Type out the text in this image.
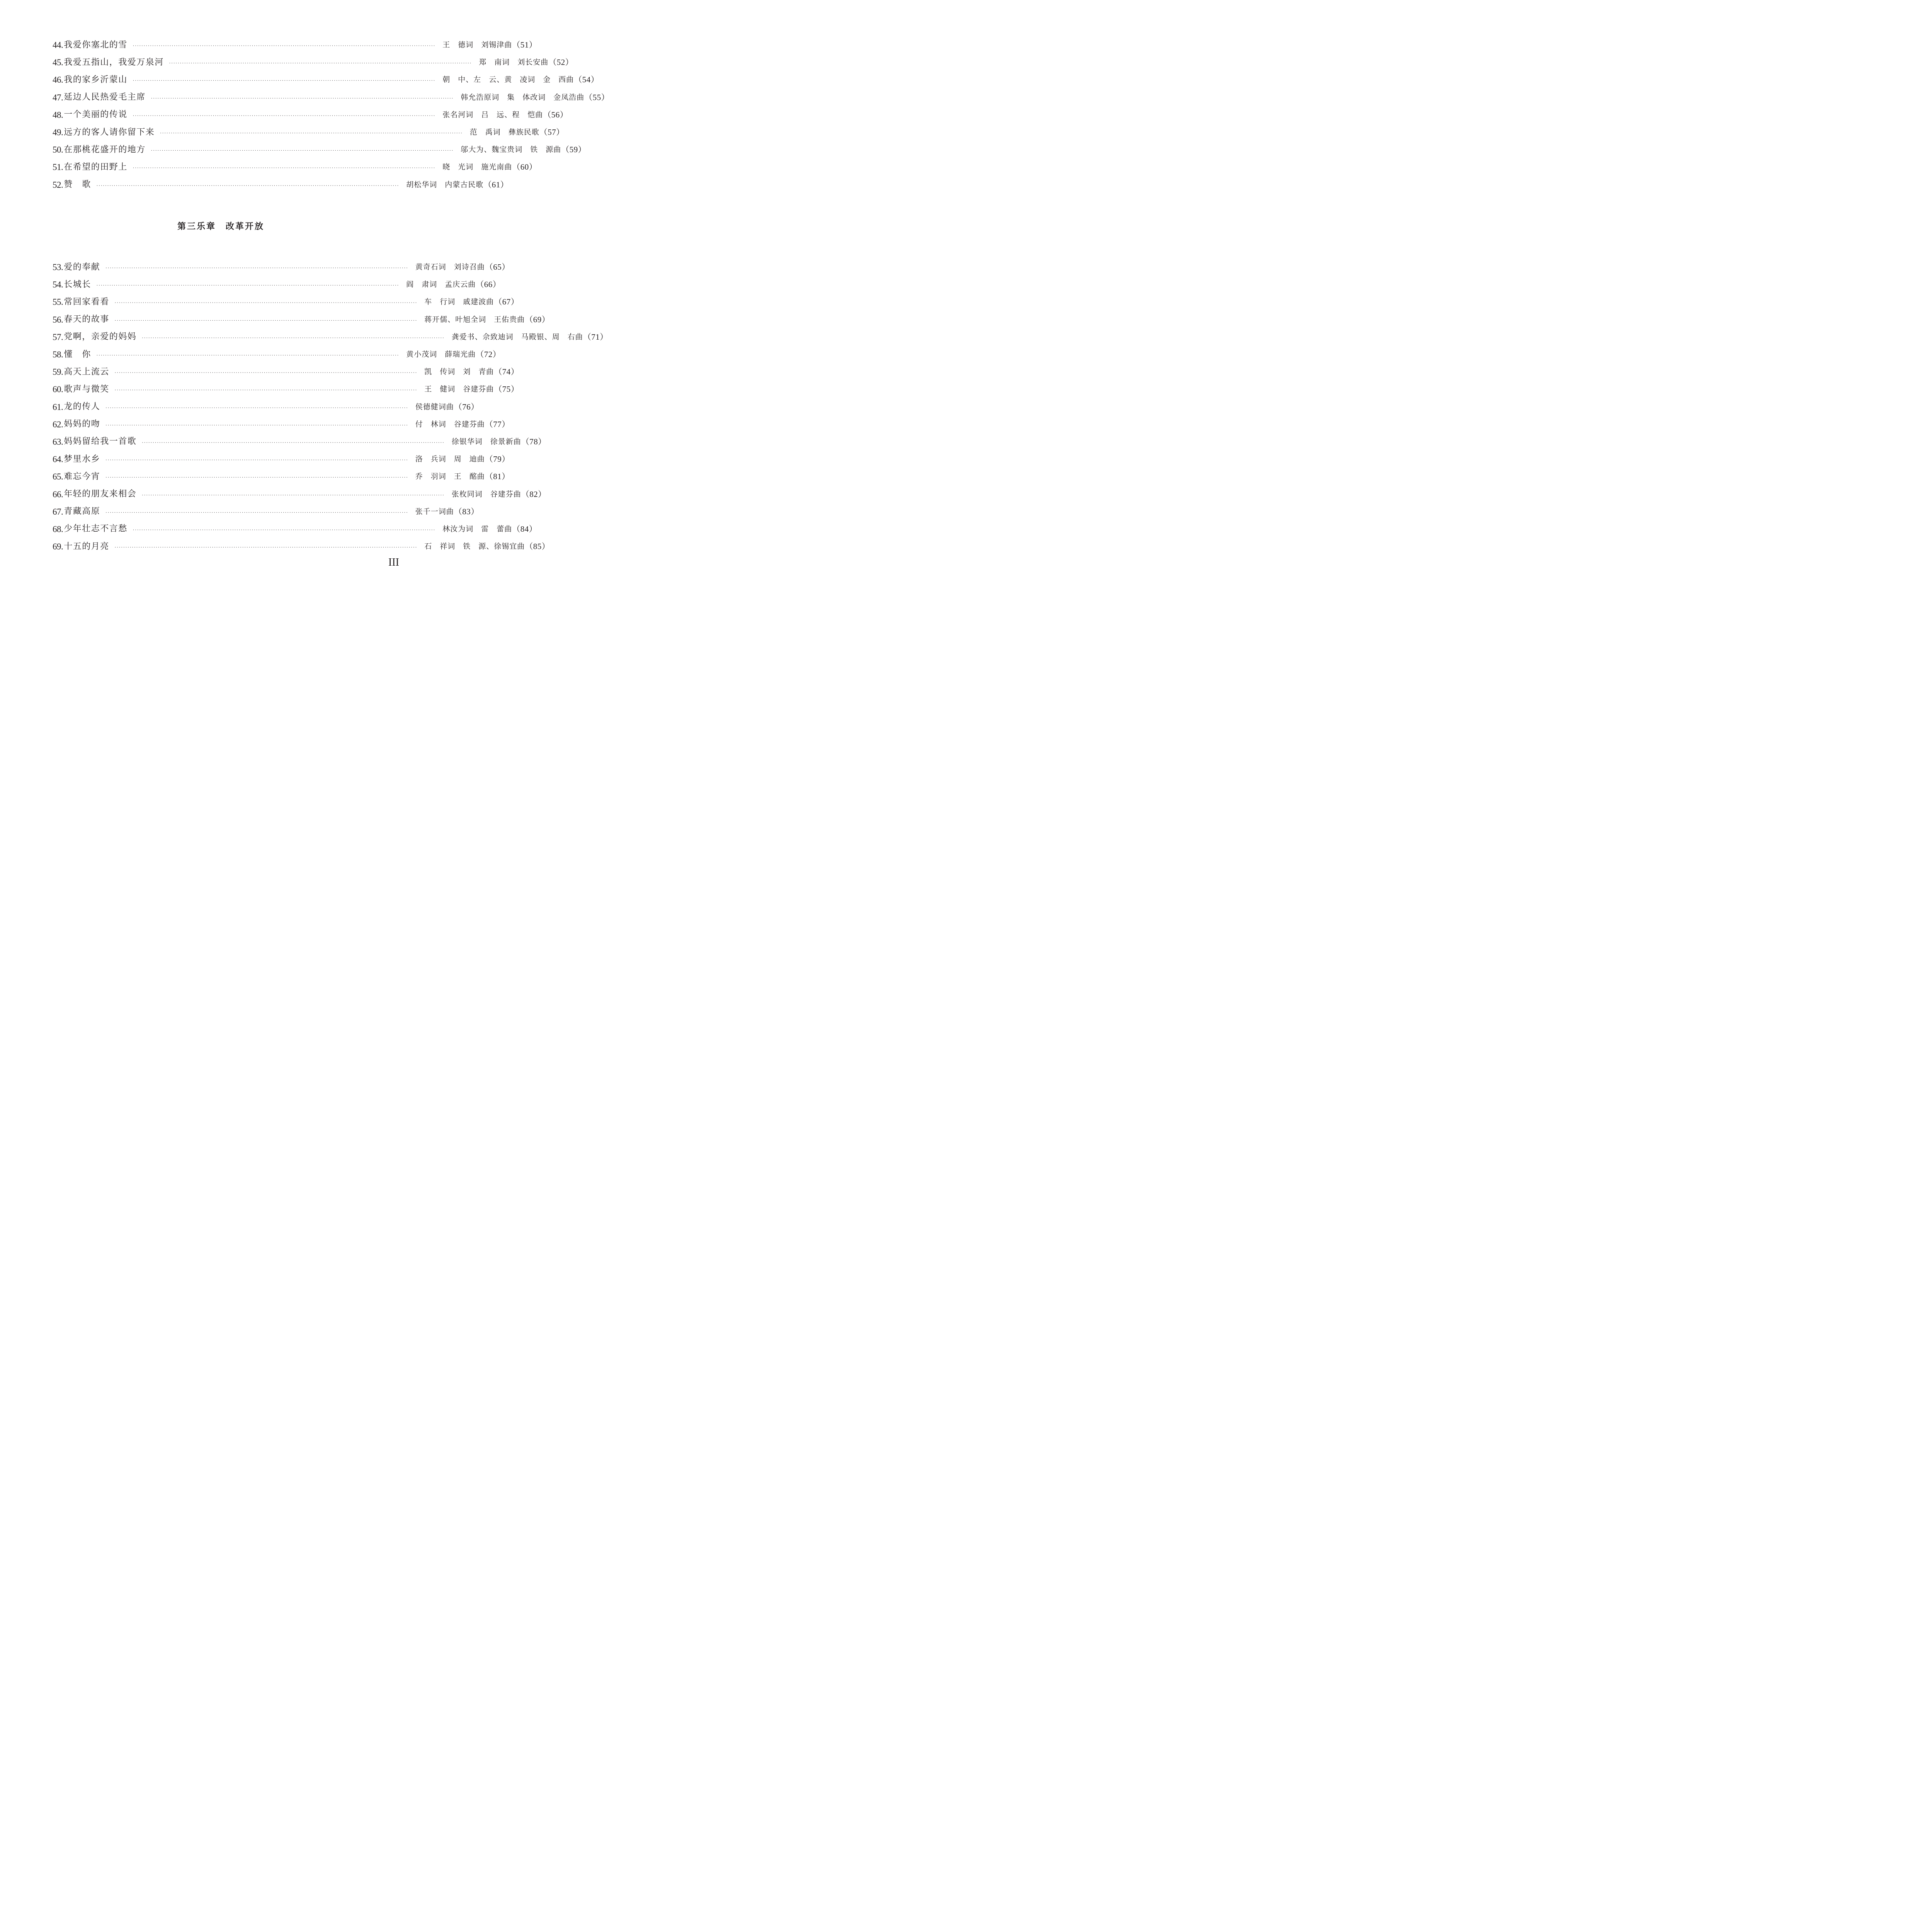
44. 我爱你塞北的雪 ············································································································································ 王　德词　刘锡津曲 （51）
45. 我爱五指山，我爱万泉河 ············································································································································ 郑　南词　刘长安曲 （52）
46. 我的家乡沂蒙山 ············································································································································ 朝　中、左　云、黄　凌词　金　西曲 （54）
47. 延边人民热爱毛主席 ············································································································································ 韩允浩原词　集　体改词　金凤浩曲 （55）
48. 一个美丽的传说 ············································································································································ 张名河词　吕　远、程　恺曲 （56）
49. 远方的客人请你留下来 ············································································································································ 范　禹词　彝族民歌 （57）
50. 在那桃花盛开的地方 ············································································································································ 邬大为、魏宝贵词　铁　源曲 （59）
51. 在希望的田野上 ············································································································································ 晓　光词　施光南曲 （60）
52. 赞　歌 ············································································································································ 胡松华词　内蒙古民歌 （61）
第三乐章　改革开放
53. 爱的奉献 ············································································································································ 黄奇石词　刘诗召曲 （65）
54. 长城长 ············································································································································ 阎　肃词　孟庆云曲 （66）
55. 常回家看看 ············································································································································ 车　行词　戚建波曲 （67）
56. 春天的故事 ············································································································································ 蒋开儒、叶旭全词　王佑贵曲 （69）
57. 党啊，亲爱的妈妈 ············································································································································ 龚爱书、佘致迪词　马殿银、周　右曲 （71）
58. 懂　你 ············································································································································ 黄小茂词　薛瑞光曲 （72）
59. 高天上流云 ············································································································································ 凯　传词　刘　青曲 （74）
60. 歌声与微笑 ············································································································································ 王　健词　谷建芬曲 （75）
61. 龙的传人 ············································································································································ 侯德健词曲 （76）
62. 妈妈的吻 ············································································································································ 付　林词　谷建芬曲 （77）
63. 妈妈留给我一首歌 ············································································································································ 徐银华词　徐景新曲 （78）
64. 梦里水乡 ············································································································································ 洛　兵词　周　迪曲 （79）
65. 难忘今宵 ············································································································································ 乔　羽词　王　酩曲 （81）
66. 年轻的朋友来相会 ············································································································································ 张枚同词　谷建芬曲 （82）
67. 青藏高原 ············································································································································ 张千一词曲 （83）
68. 少年壮志不言愁 ············································································································································ 林汝为词　雷　蕾曲 （84）
69. 十五的月亮 ············································································································································ 石　祥词　铁　源、徐锡宜曲 （85）
III
